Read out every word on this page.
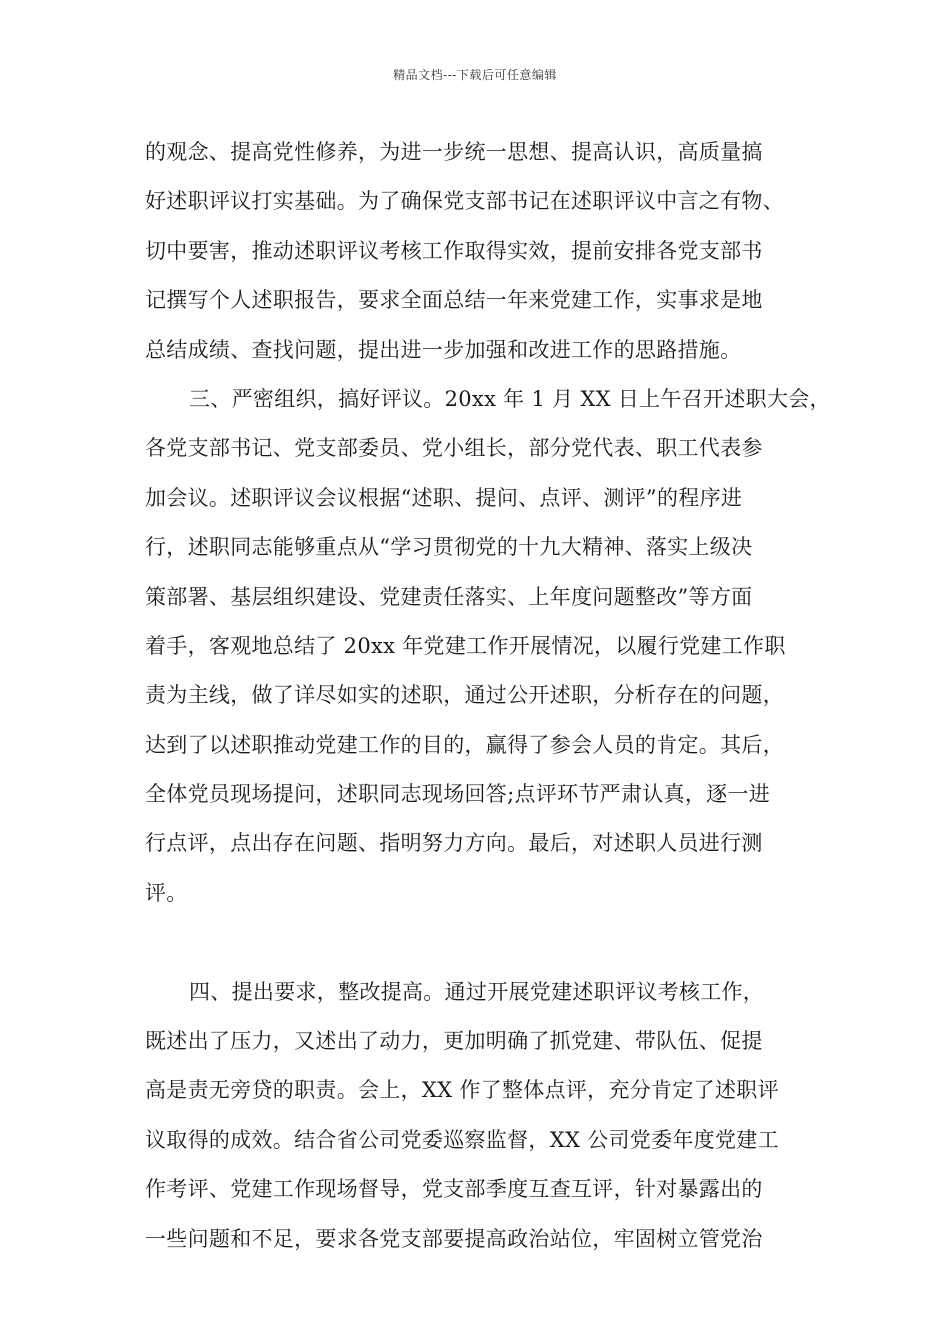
精品文档---下载后可任意编辑
的观念、提高党性修养，为进一步统一思想、提高认识，高质量搞
好述职评议打实基础。为了确保党支部书记在述职评议中言之有物、
切中要害，推动述职评议考核工作取得实效，提前安排各党支部书
记撰写个人述职报告，要求全面总结一年来党建工作，实事求是地
总结成绩、查找问题，提出进一步加强和改进工作的思路措施。
三、严密组织，搞好评议。20xx 年 1 月 XX 日上午召开述职大会，
各党支部书记、党支部委员、党小组长，部分党代表、职工代表参
加会议。述职评议会议根据“述职、提问、点评、测评”的程序进
行，述职同志能够重点从“学习贯彻党的十九大精神、落实上级决
策部署、基层组织建设、党建责任落实、上年度问题整改”等方面
着手，客观地总结了 20xx 年党建工作开展情况，以履行党建工作职
责为主线，做了详尽如实的述职，通过公开述职，分析存在的问题，
达到了以述职推动党建工作的目的，赢得了参会人员的肯定。其后，
全体党员现场提问，述职同志现场回答;点评环节严肃认真，逐一进
行点评，点出存在问题、指明努力方向。最后，对述职人员进行测
评。
四、提出要求，整改提高。通过开展党建述职评议考核工作，
既述出了压力，又述出了动力，更加明确了抓党建、带队伍、促提
高是责无旁贷的职责。会上，XX 作了整体点评，充分肯定了述职评
议取得的成效。结合省公司党委巡察监督，XX 公司党委年度党建工
作考评、党建工作现场督导，党支部季度互查互评，针对暴露出的
一些问题和不足，要求各党支部要提高政治站位，牢固树立管党治
